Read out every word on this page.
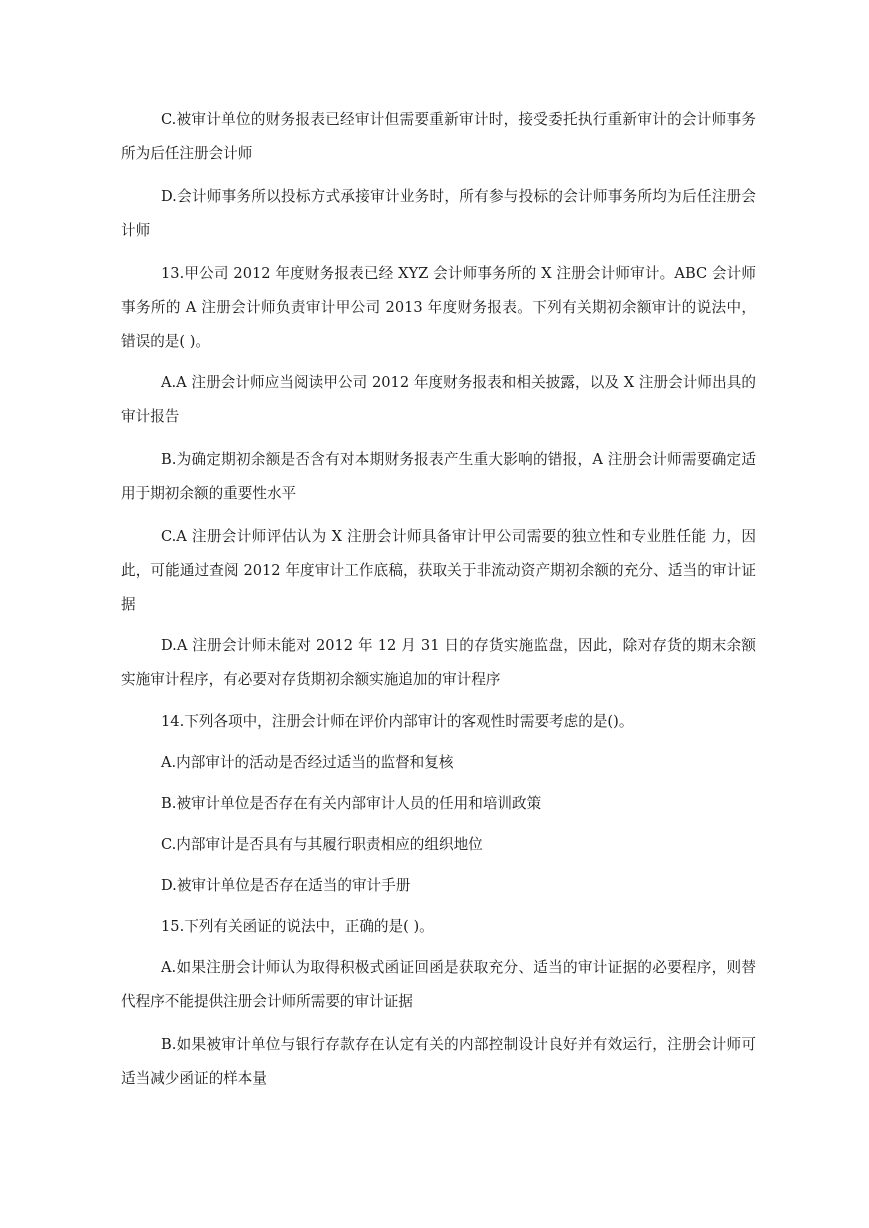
C.被审计单位的财务报表已经审计但需要重新审计时，接受委托执行重新审计的会计师事务所为后任注册会计师

D.会计师事务所以投标方式承接审计业务时，所有参与投标的会计师事务所均为后任注册会计师

13.甲公司 2012 年度财务报表已经 XYZ 会计师事务所的 X 注册会计师审计。ABC 会计师事务所的 A 注册会计师负责审计甲公司 2013 年度财务报表。下列有关期初余额审计的说法中，错误的是( )。

A.A 注册会计师应当阅读甲公司 2012 年度财务报表和相关披露，以及 X 注册会计师出具的审计报告

B.为确定期初余额是否含有对本期财务报表产生重大影响的错报，A 注册会计师需要确定适用于期初余额的重要性水平

C.A 注册会计师评估认为 X 注册会计师具备审计甲公司需要的独立性和专业胜任能 力，因此，可能通过查阅 2012 年度审计工作底稿，获取关于非流动资产期初余额的充分、适当的审计证据

D.A 注册会计师未能对 2012 年 12 月 31 日的存货实施监盘，因此，除对存货的期末余额实施审计程序，有必要对存货期初余额实施追加的审计程序

14.下列各项中，注册会计师在评价内部审计的客观性时需要考虑的是()。

A.内部审计的活动是否经过适当的监督和复核

B.被审计单位是否存在有关内部审计人员的任用和培训政策

C.内部审计是否具有与其履行职责相应的组织地位

D.被审计单位是否存在适当的审计手册

15.下列有关函证的说法中，正确的是( )。

A.如果注册会计师认为取得积极式函证回函是获取充分、适当的审计证据的必要程序，则替代程序不能提供注册会计师所需要的审计证据

B.如果被审计单位与银行存款存在认定有关的内部控制设计良好并有效运行，注册会计师可适当减少函证的样本量
